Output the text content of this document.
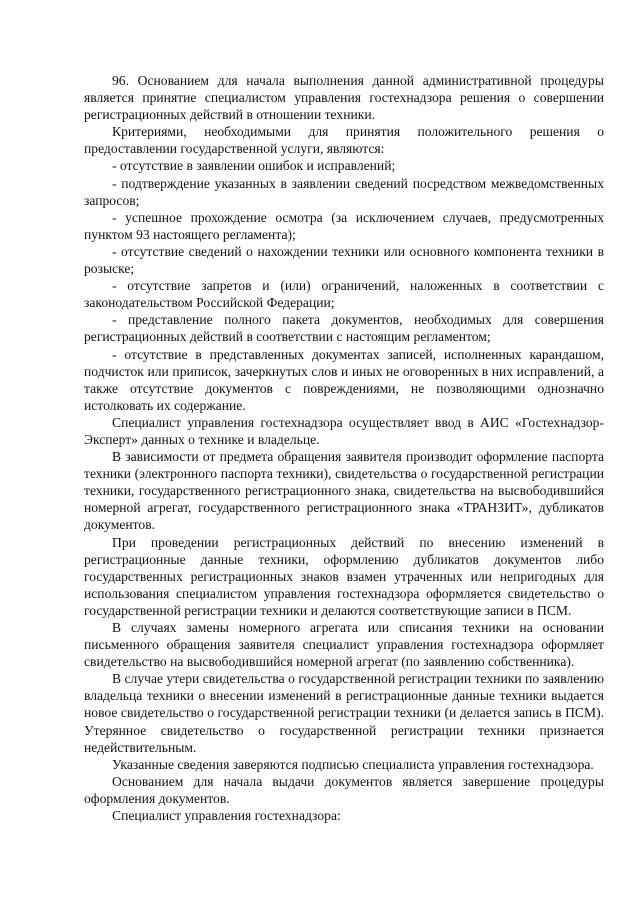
96. Основанием для начала выполнения данной административной процедуры является принятие специалистом управления гостехнадзора решения о совершении регистрационных действий в отношении техники.

Критериями, необходимыми для принятия положительного решения о предоставлении государственной услуги, являются:

- отсутствие в заявлении ошибок и исправлений;

- подтверждение указанных в заявлении сведений посредством межведомственных запросов;

- успешное прохождение осмотра (за исключением случаев, предусмотренных пунктом 93 настоящего регламента);

- отсутствие сведений о нахождении техники или основного компонента техники в розыске;

- отсутствие запретов и (или) ограничений, наложенных в соответствии с законодательством Российской Федерации;

- представление полного пакета документов, необходимых для совершения регистрационных действий в соответствии с настоящим регламентом;

- отсутствие в представленных документах записей, исполненных карандашом, подчисток или приписок, зачеркнутых слов и иных не оговоренных в них исправлений, а также отсутствие документов с повреждениями, не позволяющими однозначно истолковать их содержание.

Специалист управления гостехнадзора осуществляет ввод в АИС «Гостехнадзор-Эксперт» данных о технике и владельце.

В зависимости от предмета обращения заявителя производит оформление паспорта техники (электронного паспорта техники), свидетельства о государственной регистрации техники, государственного регистрационного знака, свидетельства на высвободившийся номерной агрегат, государственного регистрационного знака «ТРАНЗИТ», дубликатов документов.

При проведении регистрационных действий по внесению изменений в регистрационные данные техники, оформлению дубликатов документов либо государственных регистрационных знаков взамен утраченных или непригодных для использования специалистом управления гостехнадзора оформляется свидетельство о государственной регистрации техники и делаются соответствующие записи в ПСМ.

В случаях замены номерного агрегата или списания техники на основании письменного обращения заявителя специалист управления гостехнадзора оформляет свидетельство на высвободившийся номерной агрегат (по заявлению собственника).

В случае утери свидетельства о государственной регистрации техники по заявлению владельца техники о внесении изменений в регистрационные данные техники выдается новое свидетельство о государственной регистрации техники (и делается запись в ПСМ). Утерянное свидетельство о государственной регистрации техники признается недействительным.

Указанные сведения заверяются подписью специалиста управления гостехнадзора.

Основанием для начала выдачи документов является завершение процедуры оформления документов.

Специалист управления гостехнадзора:
